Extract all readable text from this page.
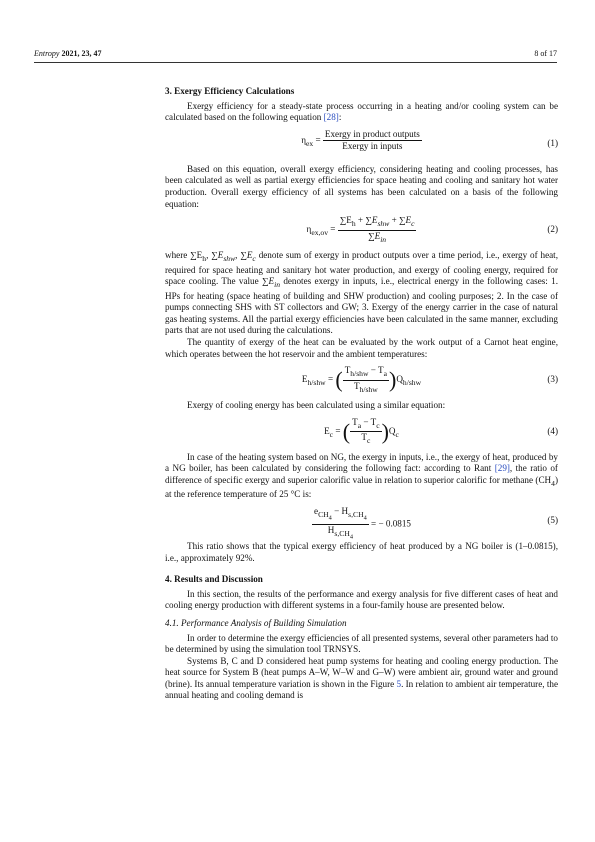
Entropy 2021, 23, 47	8 of 17
3. Exergy Efficiency Calculations

Exergy efficiency for a steady-state process occurring in a heating and/or cooling system can be calculated based on the following equation [28]:

$\eta_{ex} = \frac{\text{Exergy in product outputs}}{\text{Exergy in inputs}}$	(1)

Based on this equation, overall exergy efficiency, considering heating and cooling processes, has been calculated as well as partial exergy efficiencies for space heating and cooling and sanitary hot water production. Overall exergy efficiency of all systems has been calculated on a basis of the following equation:

$\eta_{ex,ov} = \frac{\sum E_h + \sum E_{shw} + \sum E_c}{\sum E_{in}}$	(2)

where $\sum E_h$, $\sum E_{shw}$, $\sum E_c$ denote sum of exergy in product outputs over a time period, i.e., exergy of heat, required for space heating and sanitary hot water production, and exergy of cooling energy, required for space cooling. The value $\sum E_{in}$ denotes exergy in inputs, i.e., electrical energy in the following cases: 1. HPs for heating (space heating of building and SHW production) and cooling purposes; 2. In the case of pumps connecting SHS with ST collectors and GW; 3. Exergy of the energy carrier in the case of natural gas heating systems. All the partial exergy efficiencies have been calculated in the same manner, excluding parts that are not used during the calculations.

The quantity of exergy of the heat can be evaluated by the work output of a Carnot heat engine, which operates between the hot reservoir and the ambient temperatures:

$E_{h/shw}$ = ( $\frac{T_{h/shw} - T_a}{T_{h/shw}} )Q_{h/shw}$	(3)

Exergy of cooling energy has been calculated using a similar equation:

$E_c$ = ( $\frac{T_a - T_c}{T_c} )Q_c$	(4)

In case of the heating system based on NG, the exergy in inputs, i.e., the exergy of heat, produced by a NG boiler, has been calculated by considering the following fact: according to Rant [29], the ratio of difference of specific exergy and superior calorific value in relation to superior calorific for methane $(CH_4)$ at the reference temperature of 25 °C is:

$\frac{e_{CH_4} - H_{s,CH_4}}{H_{s,CH_4}}$ = − 0.0815	(5)

This ratio shows that the typical exergy efficiency of heat produced by a NG boiler is (1–0.0815), i.e., approximately 92%.

4. Results and Discussion

In this section, the results of the performance and exergy analysis for five different cases of heat and cooling energy production with different systems in a four-family house are presented below.

4.1. Performance Analysis of Building Simulation

In order to determine the exergy efficiencies of all presented systems, several other parameters had to be determined by using the simulation tool TRNSYS.

Systems B, C and D considered heat pump systems for heating and cooling energy production. The heat source for System B (heat pumps A–W, W–W and G–W) were ambient air, ground water and ground (brine). Its annual temperature variation is shown in the Figure 5. In relation to ambient air temperature, the annual heating and cooling demand is
